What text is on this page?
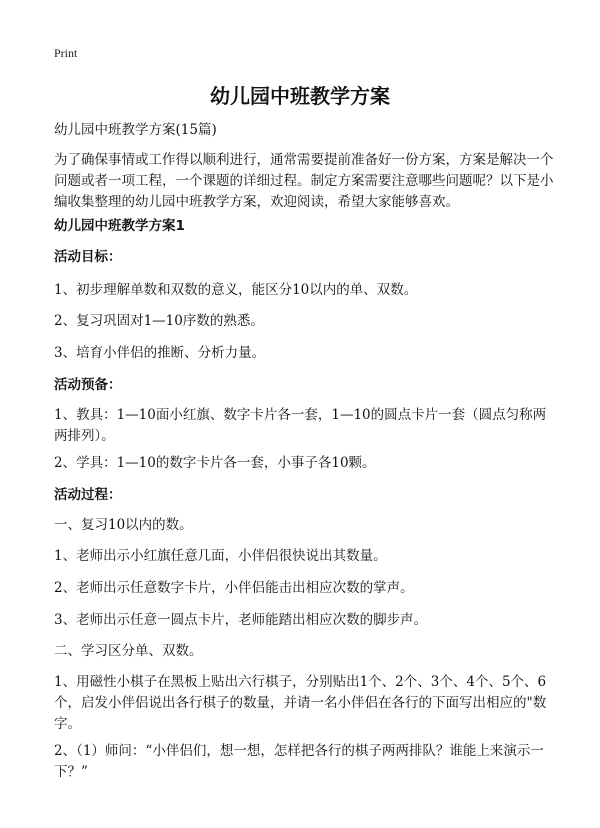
Print
幼儿园中班教学方案
幼儿园中班教学方案(15篇)
为了确保事情或工作得以顺利进行，通常需要提前准备好一份方案，方案是解决一个问题或者一项工程，一个课题的详细过程。制定方案需要注意哪些问题呢？以下是小编收集整理的幼儿园中班教学方案，欢迎阅读，希望大家能够喜欢。
幼儿园中班教学方案1
活动目标：
1、初步理解单数和双数的意义，能区分10以内的单、双数。
2、复习巩固对1—10序数的熟悉。
3、培育小伴侣的推断、分析力量。
活动预备：
1、教具：1—10面小红旗、数字卡片各一套，1—10的圆点卡片一套（圆点匀称两两排列）。
2、学具：1—10的数字卡片各一套，小事子各10颗。
活动过程：
一、复习10以内的数。
1、老师出示小红旗任意几面，小伴侣很快说出其数量。
2、老师出示任意数字卡片，小伴侣能击出相应次数的掌声。
3、老师出示任意一圆点卡片，老师能踏出相应次数的脚步声。
二、学习区分单、双数。
1、用磁性小棋子在黑板上贴出六行棋子，分别贴出1个、2个、3个、4个、5个、6个，启发小伴侣说出各行棋子的数量，并请一名小伴侣在各行的下面写出相应的"数字。
2、（1）师问：“小伴侣们，想一想，怎样把各行的棋子两两排队？谁能上来演示一下？”
